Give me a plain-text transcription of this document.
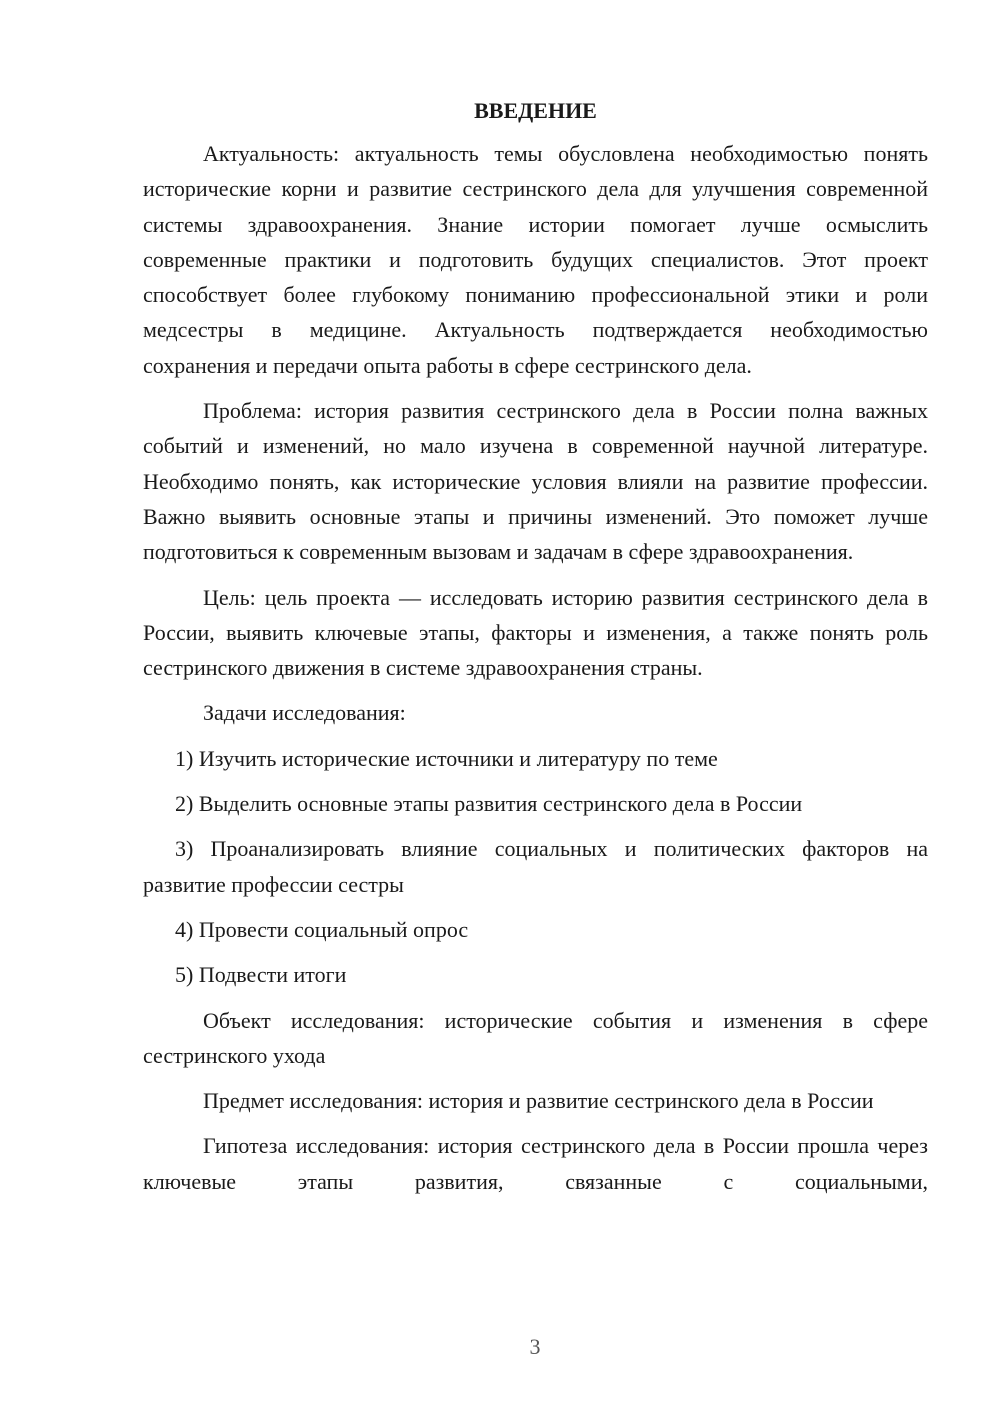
ВВЕДЕНИЕ

Актуальность: актуальность темы обусловлена необходимостью понять исторические корни и развитие сестринского дела для улучшения современной системы здравоохранения. Знание истории помогает лучше осмыслить современные практики и подготовить будущих специалистов. Этот проект способствует более глубокому пониманию профессиональной этики и роли медсестры в медицине. Актуальность подтверждается необходимостью сохранения и передачи опыта работы в сфере сестринского дела.

Проблема: история развития сестринского дела в России полна важных событий и изменений, но мало изучена в современной научной литературе. Необходимо понять, как исторические условия влияли на развитие профессии. Важно выявить основные этапы и причины изменений. Это поможет лучше подготовиться к современным вызовам и задачам в сфере здравоохранения.

Цель: цель проекта — исследовать историю развития сестринского дела в России, выявить ключевые этапы, факторы и изменения, а также понять роль сестринского движения в системе здравоохранения страны.

Задачи исследования:

1) Изучить исторические источники и литературу по теме

2) Выделить основные этапы развития сестринского дела в России

3) Проанализировать влияние социальных и политических факторов на развитие профессии сестры

4) Провести социальный опрос

5) Подвести итоги

Объект исследования: исторические события и изменения в сфере сестринского ухода

Предмет исследования: история и развитие сестринского дела в России

Гипотеза исследования: история сестринского дела в России прошла через ключевые этапы развития, связанные с социальными,

3
